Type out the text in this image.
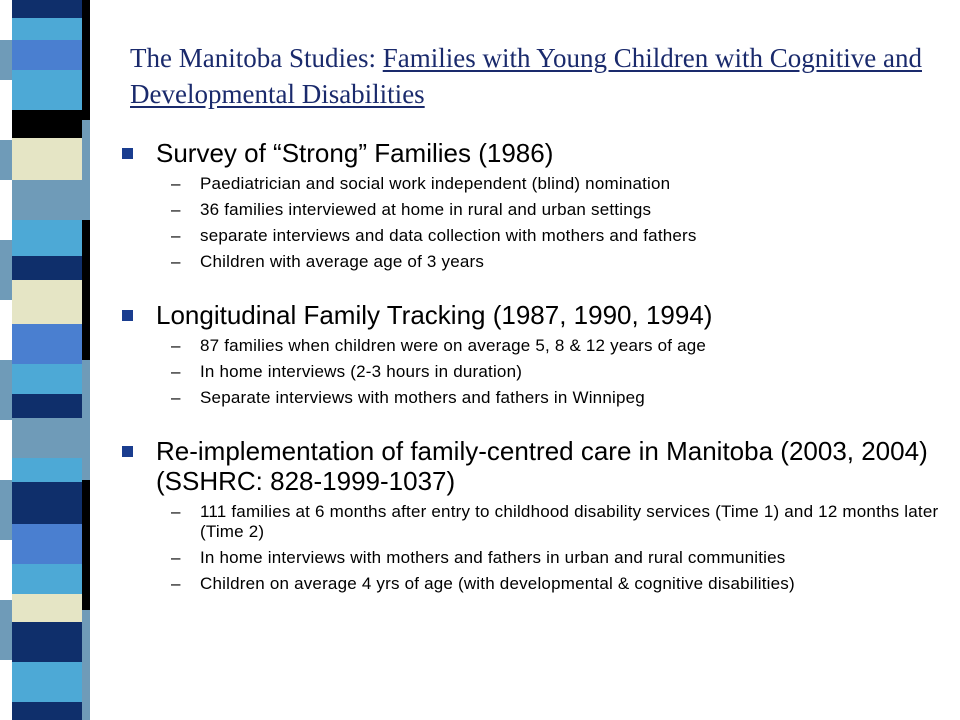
The Manitoba Studies: Families with Young Children with Cognitive and Developmental Disabilities
Survey of “Strong” Families (1986)
– Paediatrician and social work independent (blind) nomination
– 36 families interviewed at home in rural and urban settings
– separate interviews and data collection with mothers and fathers
– Children with average age of 3 years
Longitudinal Family Tracking (1987, 1990, 1994)
– 87 families when children were on average 5, 8 & 12 years of age
– In home interviews (2-3 hours in duration)
– Separate interviews with mothers and fathers in Winnipeg
Re-implementation of family-centred care in Manitoba (2003, 2004) (SSHRC: 828-1999-1037)
– 111 families at 6 months after entry to childhood disability services (Time 1) and 12 months later (Time 2)
– In home interviews with mothers and fathers in urban and rural communities
– Children on average 4 yrs of age (with developmental & cognitive disabilities)
